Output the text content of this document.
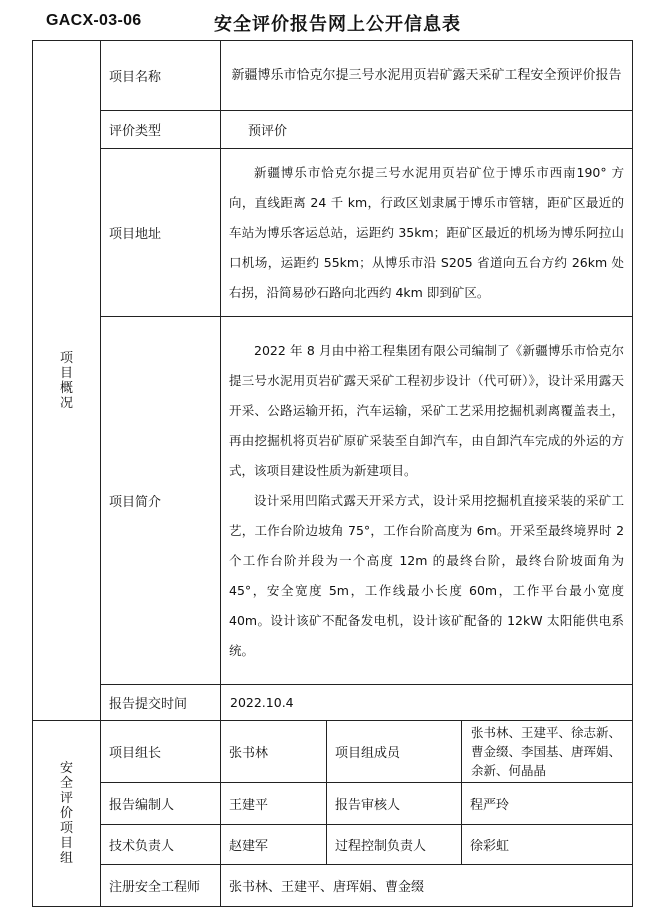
GACX-03-06	安全评价报告网上公开信息表
项目概况	项目名称	新疆博乐市恰克尔提三号水泥用页岩矿露天采矿工程安全预评价报告		

	评价类型	预评价		
	项目地址	新疆博乐市恰克尔提三号水泥用页岩矿位于博乐市西南190° 方向，直线距离 24 千 km，行政区划隶属于博乐市管辖，距矿区最近的车站为博乐客运总站，运距约 35km；距矿区最近的机场为博乐阿拉山口机场，运距约 55km；从博乐市沿 S205 省道向五台方约 26km 处右拐，沿简易砂石路向北西约 4km 即到矿区。		

	项目简介	2022 年 8 月由中裕工程集团有限公司编制了《新疆博乐市恰克尔提三号水泥用页岩矿露天采矿工程初步设计（代可研）》，设计采用露天开采、公路运输开拓，汽车运输，采矿工艺采用挖掘机剥离覆盖表土，再由挖掘机将页岩矿原矿采装至自卸汽车，由自卸汽车完成的外运的方式，该项目建设性质为新建项目。

设计采用凹陷式露天开采方式，设计采用挖掘机直接采装的采矿工艺，工作台阶边坡角 75°，工作台阶高度为 6m。开采至最终境界时 2 个工作台阶并段为一个高度 12m 的最终台阶，最终台阶坡面角为 45°，安全宽度 5m，工作线最小长度 60m，工作平台最小宽度 40m。设计该矿不配备发电机，设计该矿配备的 12kW 太阳能供电系统。		

	报告提交时间	2022.10.4		

安全评价项目组	项目组长	张书林	项目组成员	张书林、王建平、徐志新、
曹金缀、李国基、唐珲娟、
余新、何晶晶

	报告编制人	王建平	报告审核人	程严玲
	技术负责人	赵建军	过程控制负责人	徐彩虹
	注册安全工程师	张书林、王建平、唐珲娟、曹金缀		
